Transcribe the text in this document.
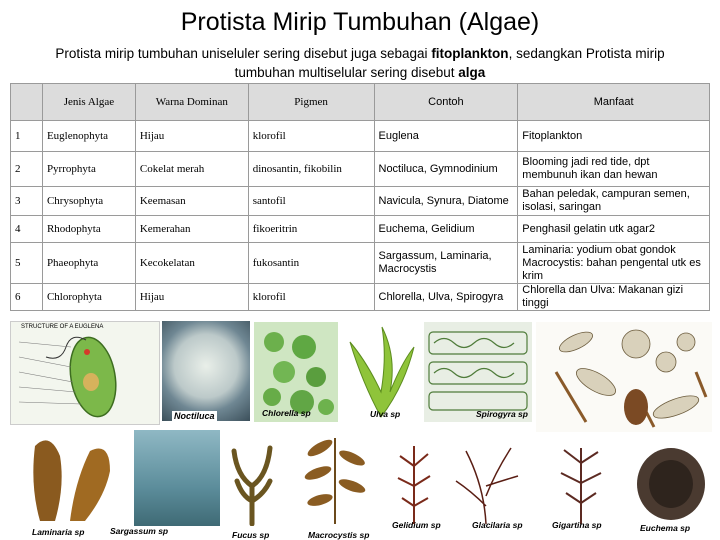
Protista Mirip Tumbuhan (Algae)
Protista mirip tumbuhan uniseluler sering disebut juga sebagai fitoplankton, sedangkan Protista mirip tumbuhan multiselular sering disebut alga
	Jenis Algae	Warna Dominan	Pigmen	Contoh	Manfaat
1	Euglenophyta	Hijau	klorofil	Euglena	Fitoplankton
2	Pyrrophyta	Cokelat merah	dinosantin, fikobilin	Noctiluca, Gymnodinium	Blooming jadi red tide, dpt membunuh ikan dan hewan
3	Chrysophyta	Keemasan	santofil	Navicula, Synura, Diatome	Bahan peledak, campuran semen, isolasi, saringan
4	Rhodophyta	Kemerahan	fikoeritrin	Euchema, Gelidium	Penghasil gelatin utk agar2
5	Phaeophyta	Kecokelatan	fukosantin	Sargassum, Laminaria, Macrocystis	Laminaria: yodium obat gondok Macrocystis: bahan pengental utk es krim
6	Chlorophyta	Hijau	klorofil	Chlorella, Ulva, Spirogyra	Chlorella dan Ulva: Makanan gizi tinggi
STRUCTURE OF A EUGLENA
Noctiluca	Chlorella sp	Ulva sp	Spirogyra sp
Laminaria sp	Sargassum sp	Fucus sp	Macrocystis sp
Gelidium sp	Glacilaria sp	Gigartina sp	Euchema sp
